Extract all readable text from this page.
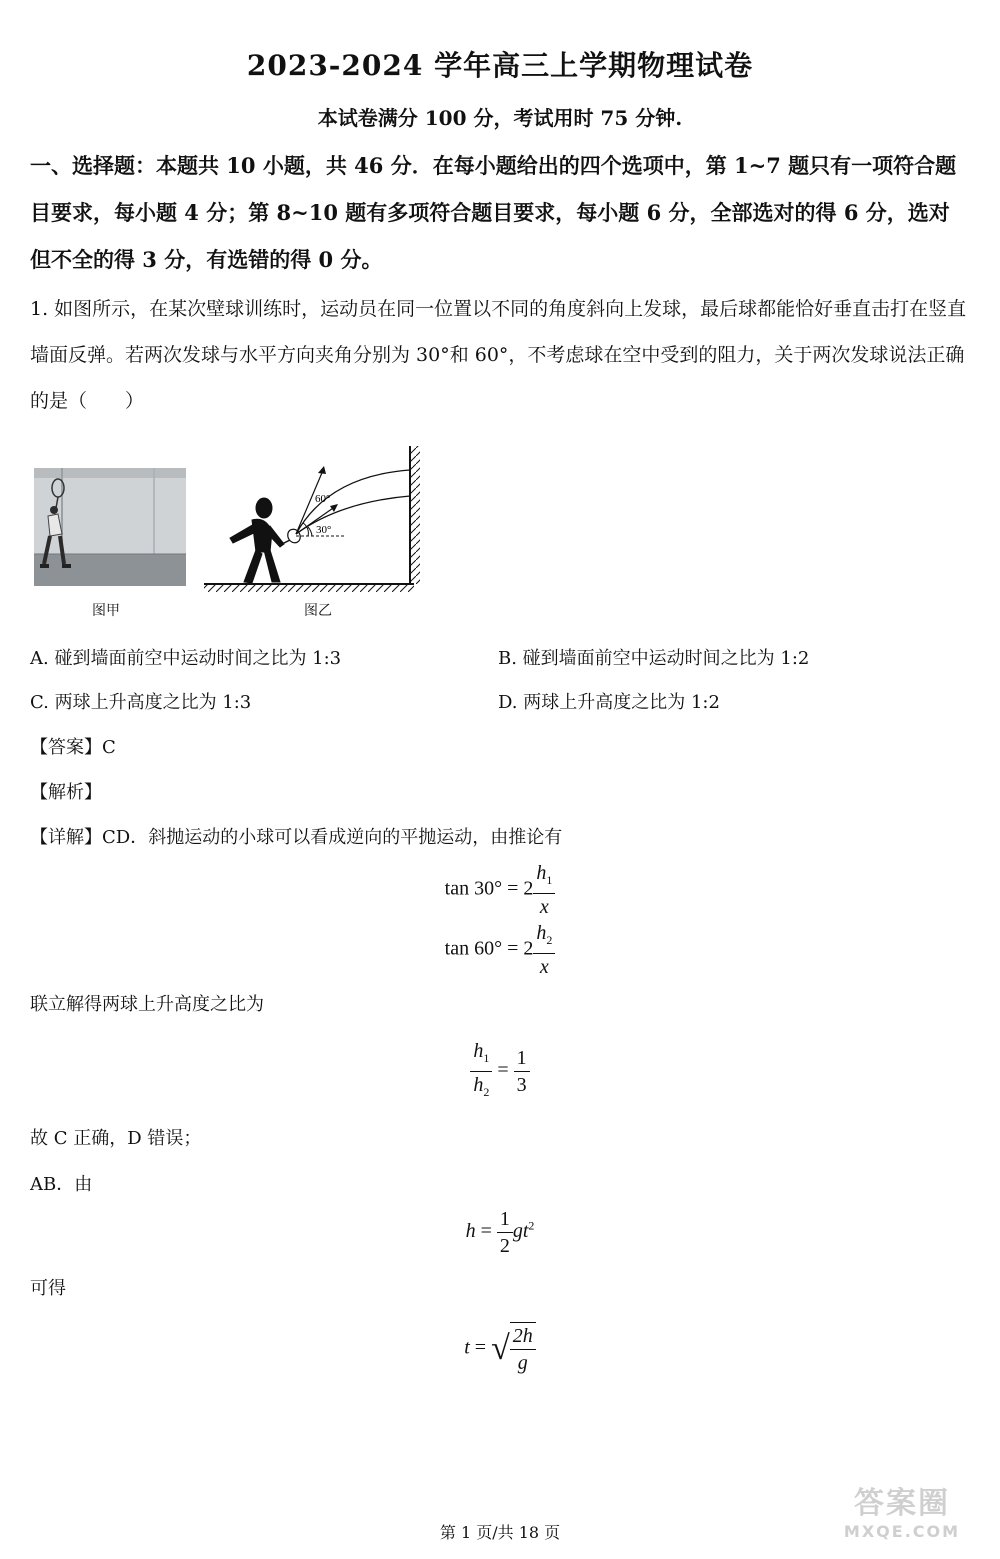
2023-2024 学年高三上学期物理试卷
本试卷满分 100 分，考试用时 75 分钟.
一、选择题：本题共 10 小题，共 46 分．在每小题给出的四个选项中，第 1~7 题只有一项符合题目要求，每小题 4 分；第 8~10 题有多项符合题目要求，每小题 6 分，全部选对的得 6 分，选对但不全的得 3 分，有选错的得 0 分。
1. 如图所示，在某次壁球训练时，运动员在同一位置以不同的角度斜向上发球，最后球都能恰好垂直击打在竖直墙面反弹。若两次发球与水平方向夹角分别为 30°和 60°，不考虑球在空中受到的阻力，关于两次发球说法正确的是（　　）
图甲
60°
30°
图乙
A. 碰到墙面前空中运动时间之比为 1:3	B. 碰到墙面前空中运动时间之比为 1:2
C. 两球上升高度之比为 1:3	D. 两球上升高度之比为 1:2
【答案】C
【解析】
【详解】CD．斜抛运动的小球可以看成逆向的平抛运动，由推论有
$\tan 30^\circ = 2 \frac{h_1}{x}$
$\tan 60^\circ = 2 \frac{h_2}{x}$
联立解得两球上升高度之比为
$\frac{h_1}{h_2} = \frac{1}{3}$
故 C 正确，D 错误；
AB．由
$h = \frac{1}{2} gt^2$
可得
t = √ $\frac{2h}{g}$
第 1 页/共 18 页
答案圈
MXQE.COM
